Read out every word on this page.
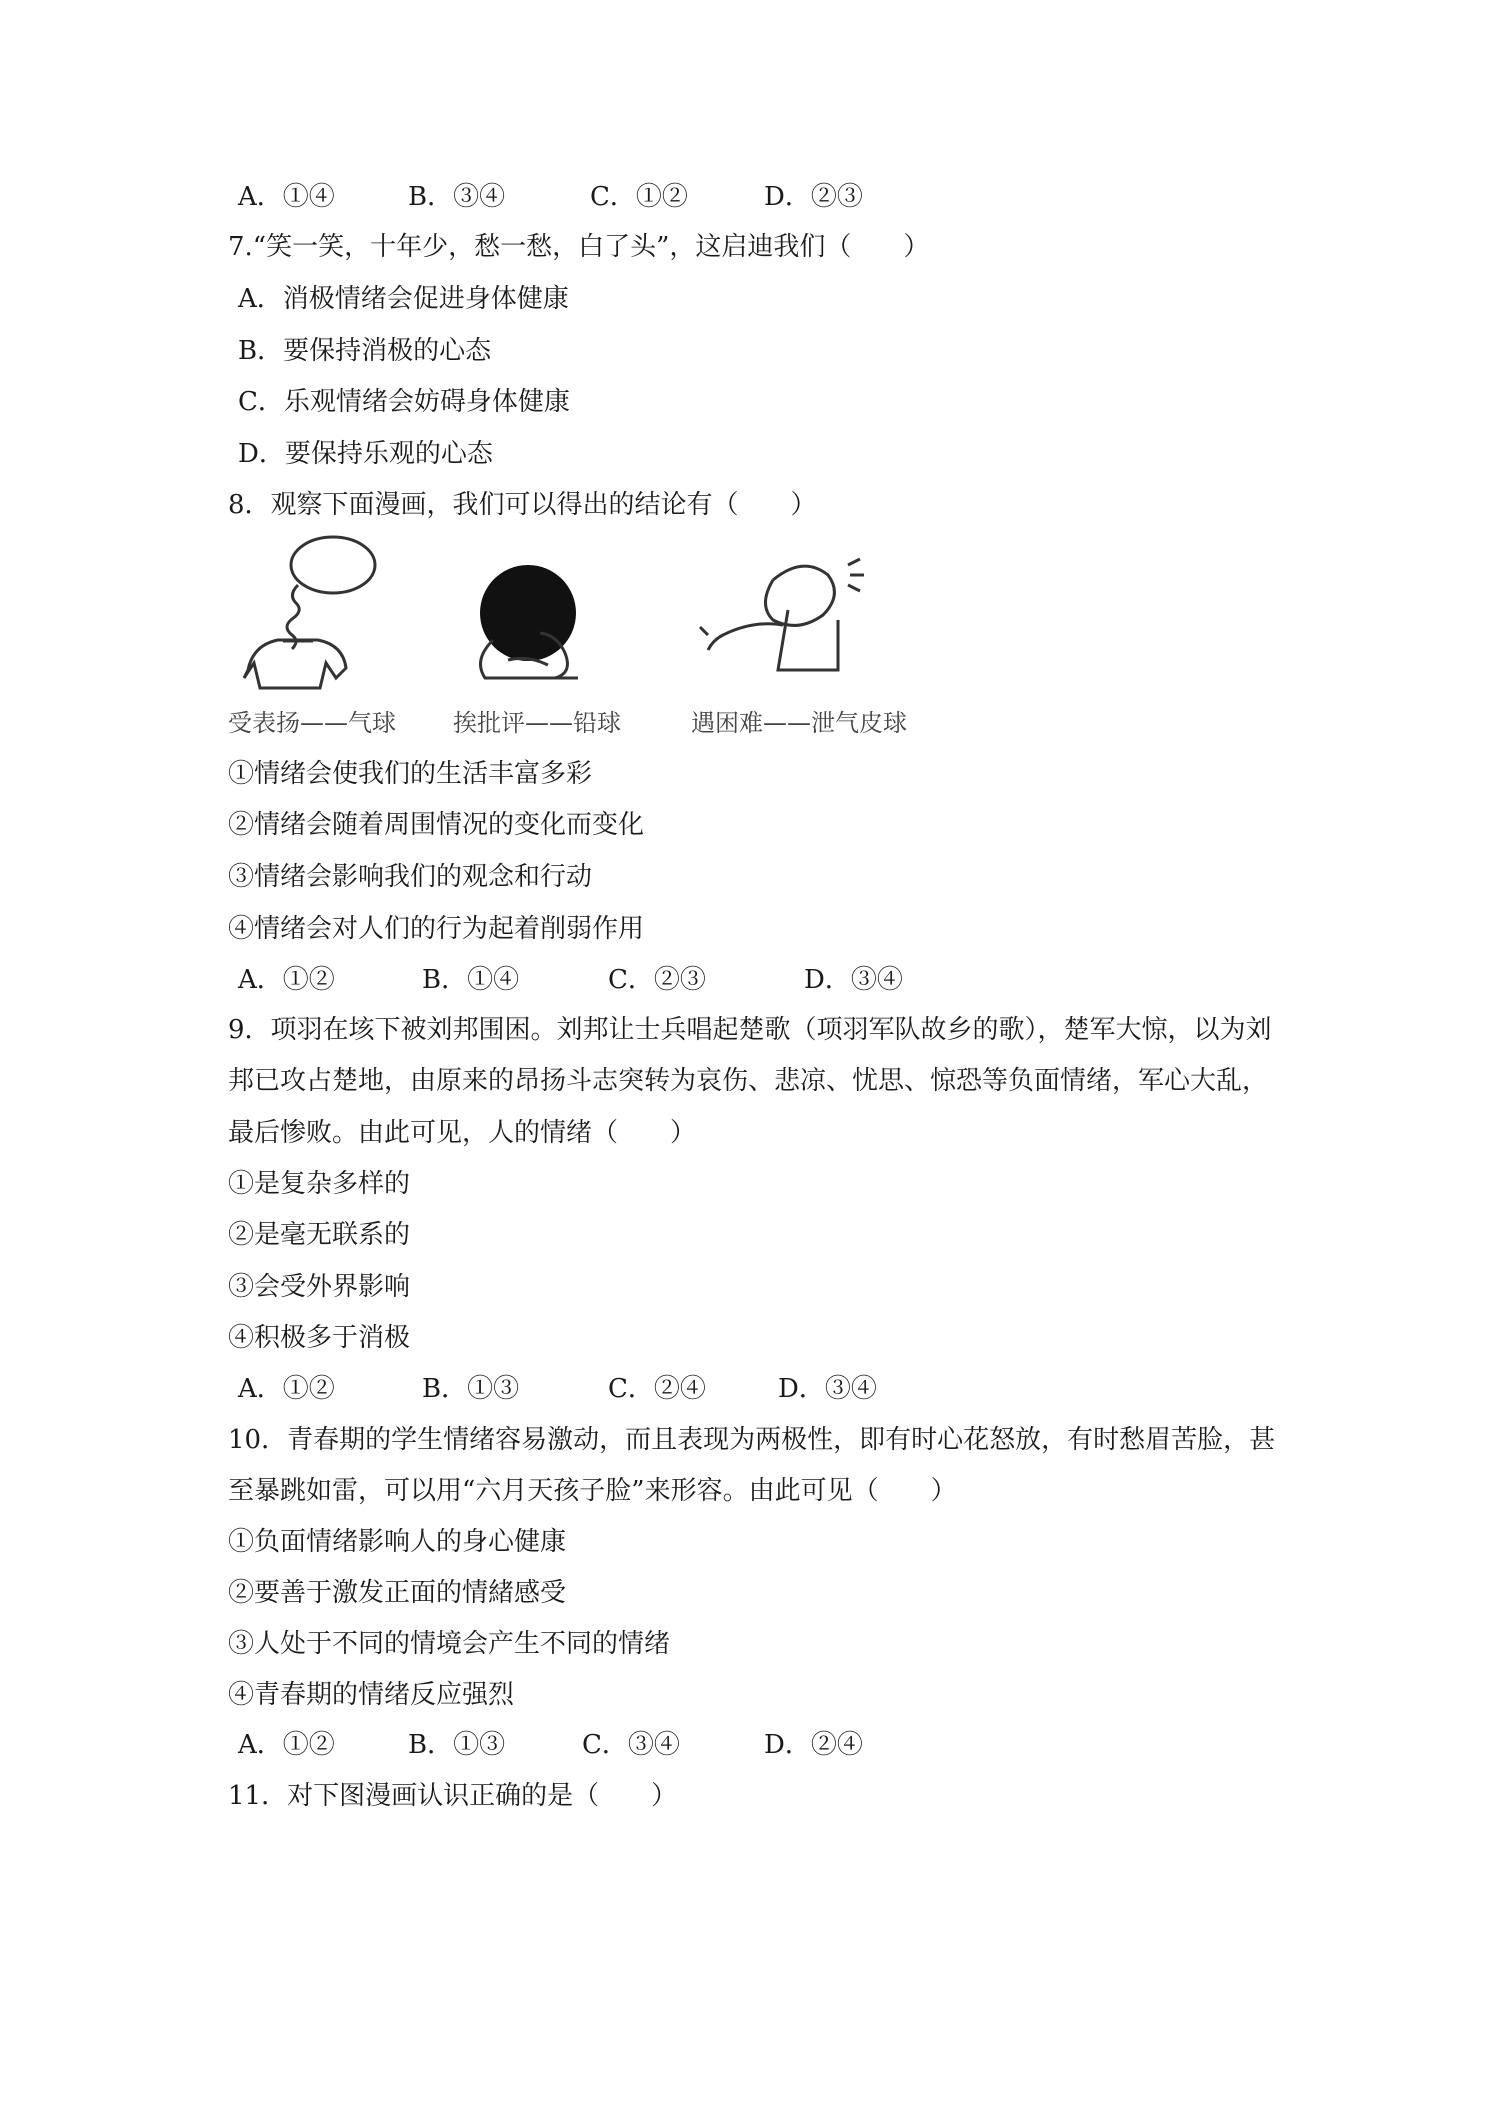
A．①④	B．③④	C．①②	D．②③
7.“笑一笑，十年少，愁一愁，白了头”，这启迪我们（　　）
A．消极情绪会促进身体健康
B．要保持消极的心态
C．乐观情绪会妨碍身体健康
D．要保持乐观的心态
8．观察下面漫画，我们可以得出的结论有（　　）
受表扬——气球 挨批评——铅球	遇困难——泄气皮球
①情绪会使我们的生活丰富多彩
②情绪会随着周围情况的变化而变化
③情绪会影响我们的观念和行动
④情绪会对人们的行为起着削弱作用
A．①②	B．①④	C．②③	D．③④
9．项羽在垓下被刘邦围困。刘邦让士兵唱起楚歌（项羽军队故乡的歌），楚军大惊，以为刘
邦已攻占楚地，由原来的昂扬斗志突转为哀伤、悲凉、忧思、惊恐等负面情绪，军心大乱，
最后惨败。由此可见，人的情绪（　　）
①是复杂多样的
②是毫无联系的
③会受外界影响
④积极多于消极
A．①②	B．①③	C．②④	D．③④
10．青春期的学生情绪容易激动，而且表现为两极性，即有时心花怒放，有时愁眉苦脸，甚
至暴跳如雷，可以用“六月天孩子脸”来形容。由此可见（　　）
①负面情绪影响人的身心健康
②要善于激发正面的情緒感受
③人处于不同的情境会产生不同的情绪
④青春期的情绪反应强烈
A．①②	B．①③	C．③④	D．②④
11．对下图漫画认识正确的是（　　）
